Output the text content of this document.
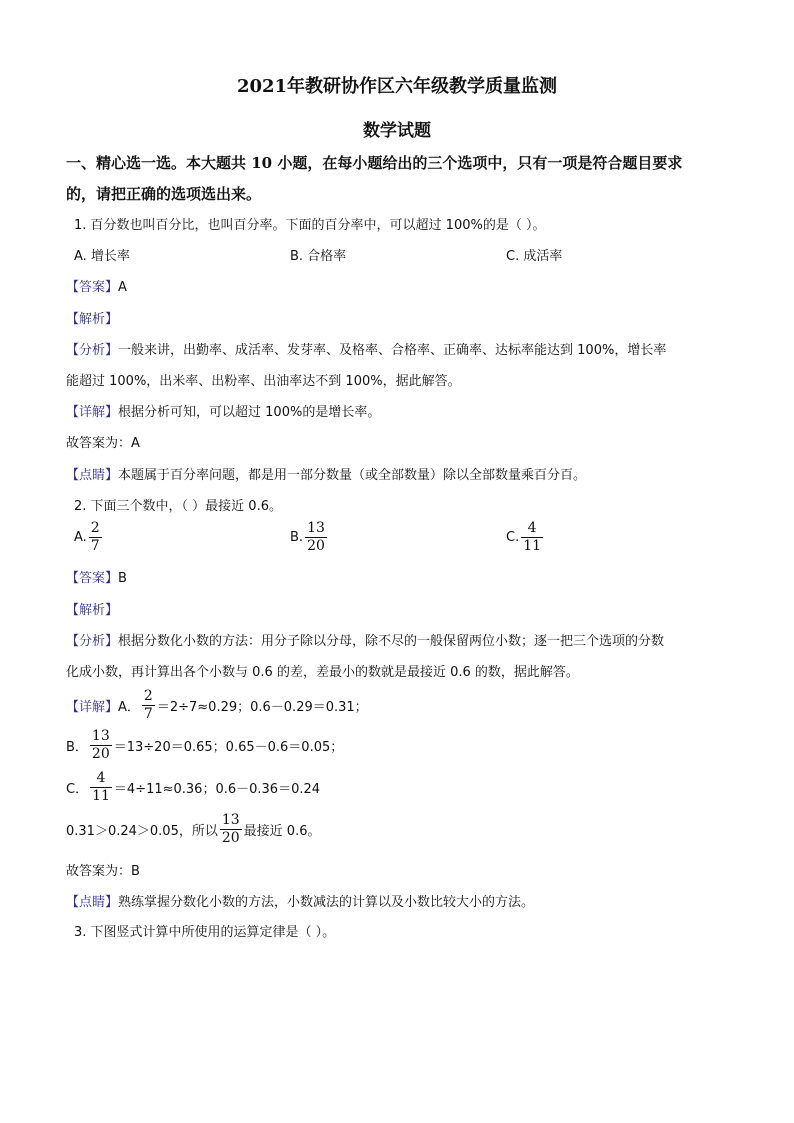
2021年教研协作区六年级教学质量监测
数学试题
一、精心选一选。本大题共 10 小题，在每小题给出的三个选项中，只有一项是符合题目要求
的，请把正确的选项选出来。
1. 百分数也叫百分比，也叫百分率。下面的百分率中，可以超过 100%的是（ ）。
A. 增长率	B. 合格率	C. 成活率
【答案】A
【解析】
【分析】一般来讲，出勤率、成活率、发芽率、及格率、合格率、正确率、达标率能达到 100%，增长率
能超过 100%，出米率、出粉率、出油率达不到 100%，据此解答。
【详解】根据分析可知，可以超过 100%的是增长率。
故答案为：A
【点睛】本题属于百分率问题，都是用一部分数量（或全部数量）除以全部数量乘百分百。
2. 下面三个数中，（ ）最接近 0.6。
A. $\frac{2}{7}$	B. $\frac{13}{20}$	C. $\frac{4}{11}$
【答案】B
【解析】
【分析】根据分数化小数的方法：用分子除以分母，除不尽的一般保留两位小数；逐一把三个选项的分数
化成小数，再计算出各个小数与 0.6 的差，差最小的数就是最接近 0.6 的数，据此解答。
【详解】 A． $\frac{2}{7} =2\div 7\approx 0.29$；0.6－0.29＝0.31；
B． $\frac{13}{20} =13\div 20=0.65$；0.65－0.6＝0.05；
C． $\frac{4}{11} =4\div 11\approx 0.36$；0.6－0.36＝0.24
0.31＞0.24＞0.05，所以 $\frac{13}{20}$ 最接近 0.6。
故答案为：B
【点睛】熟练掌握分数化小数的方法，小数减法的计算以及小数比较大小的方法。
3. 下图竖式计算中所使用的运算定律是（ ）。
